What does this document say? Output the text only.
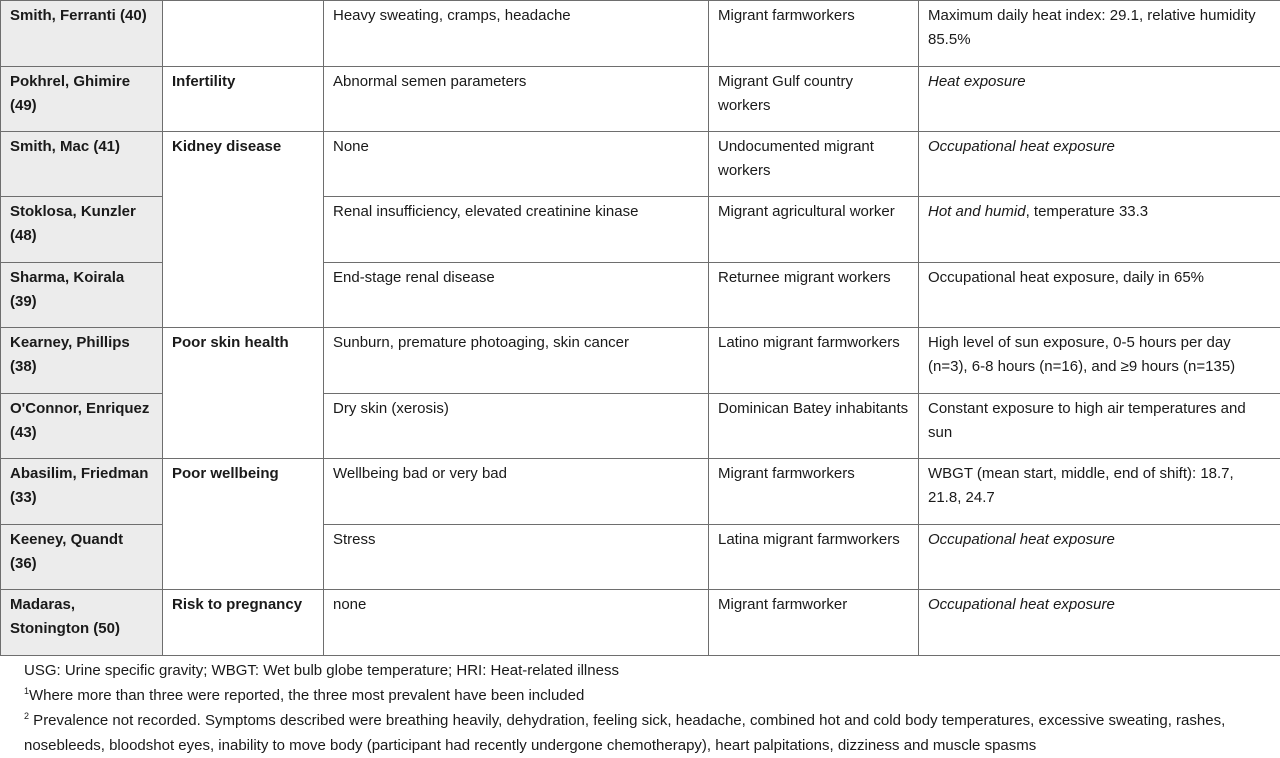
Smith, Ferranti (40)		Heavy sweating, cramps, headache	Migrant farmworkers	Maximum daily heat index: 29.1, relative humidity 85.5%
Pokhrel, Ghimire (49)	Infertility	Abnormal semen parameters	Migrant Gulf country workers	Heat exposure
Smith, Mac (41)	Kidney disease	None	Undocumented migrant workers	Occupational heat exposure
Stoklosa, Kunzler (48)		Renal insufficiency, elevated creatinine kinase	Migrant agricultural worker	Hot and humid, temperature 33.3
Sharma, Koirala (39)		End-stage renal disease	Returnee migrant workers	Occupational heat exposure, daily in 65%
Kearney, Phillips (38)	Poor skin health	Sunburn, premature photoaging, skin cancer	Latino migrant farmworkers	High level of sun exposure, 0-5 hours per day (n=3), 6-8 hours (n=16), and ≥9 hours (n=135)
O'Connor, Enriquez (43)		Dry skin (xerosis)	Dominican Batey inhabitants	Constant exposure to high air temperatures and sun
Abasilim, Friedman (33)	Poor wellbeing	Wellbeing bad or very bad	Migrant farmworkers	WBGT (mean start, middle, end of shift): 18.7, 21.8, 24.7
Keeney, Quandt (36)		Stress	Latina migrant farmworkers	Occupational heat exposure
Madaras, Stonington (50)	Risk to pregnancy	none	Migrant farmworker	Occupational heat exposure

USG: Urine specific gravity; WBGT: Wet bulb globe temperature; HRI: Heat-related illness

$^1$Where more than three were reported, the three most prevalent have been included

$^2$ Prevalence not recorded. Symptoms described were breathing heavily, dehydration, feeling sick, headache, combined hot and cold body temperatures, excessive sweating, rashes, nosebleeds, bloodshot eyes, inability to move body (participant had recently undergone chemotherapy), heart palpitations, dizziness and muscle spasms
